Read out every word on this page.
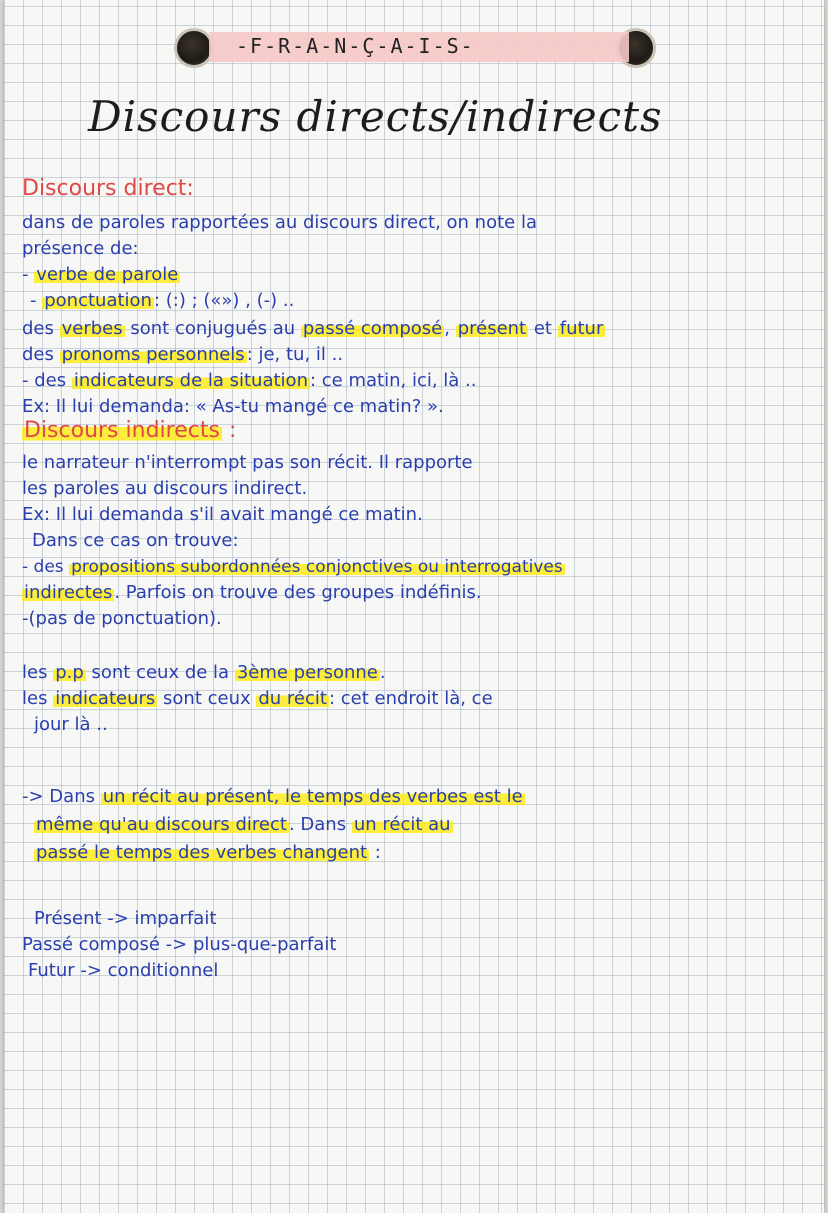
-F-R-A-N-Ç-A-I-S-
Discours directs/indirects
Discours direct:
dans de paroles rapportées au discours direct, on note la
présence de:
- verbe de parole
- ponctuation : (:) ; («») , (-) ..
des verbes sont conjugués au passé composé , présent et futur
des pronoms personnels : je, tu, il ..
- des indicateurs de la situation : ce matin, ici, là ..
Ex: Il lui demanda: « As-tu mangé ce matin? ».
Discours indirects :
le narrateur n'interrompt pas son récit. Il rapporte
les paroles au discours indirect.
Ex: Il lui demanda s'il avait mangé ce matin.
Dans ce cas on trouve:
- des propositions subordonnées conjonctives ou interrogatives
indirectes . Parfois on trouve des groupes indéfinis.
-(pas de ponctuation).
les p.p sont ceux de la 3ème personne .
les indicateurs sont ceux du récit : cet endroit là, ce
jour là ..
-> Dans un récit au présent, le temps des verbes est le
même qu'au discours direct . Dans un récit au
passé le temps des verbes changent :
Présent -> imparfait
Passé composé -> plus-que-parfait
Futur -> conditionnel
